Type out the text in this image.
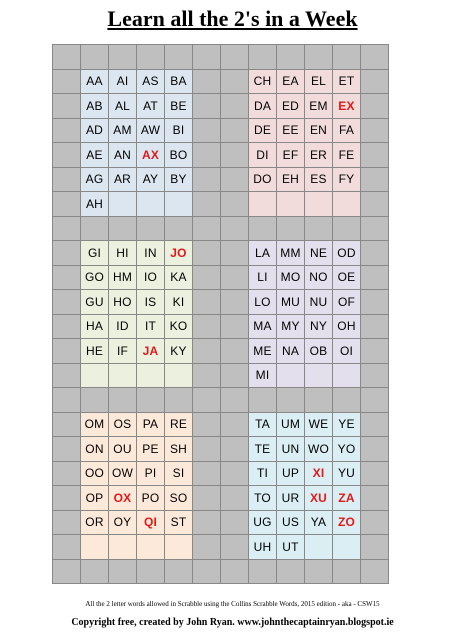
Learn all the 2's in a Week
AA	AI	AS BA	CH EA	EL	ET
AB	AL	AT	BE	DA ED EM EX
AD AM AW	BI	DE EE EN FA
AE AN AX BO	DI	EF ER FE
AG AR AY	BY	DO EH ES FY
AH
GI	HI	IN	JO	LA MM NE OD
GO HM IO	KA	LI	MO NO OE
GU HO	IS	KI	LO MU NU OF
HA	ID	IT	KO	MA MY NY OH
HE	IF	JA KY	ME NA OB	OI
MI
OM OS PA RE	TA UM WE YE
ON OU PE SH	TE UN WO YO
OO OW PI	SI	TI	UP	XI	YU
OP OX PO SO	TO UR XU ZA
OR OY	QI	ST	UG US YA ZO
UH UT
All the 2 letter words allowed in Scrabble using the Collins Scrabble Words, 2015 edition - aka - CSW15
Copyright free, created by John Ryan. www.johnthecaptainryan.blogspot.ie
